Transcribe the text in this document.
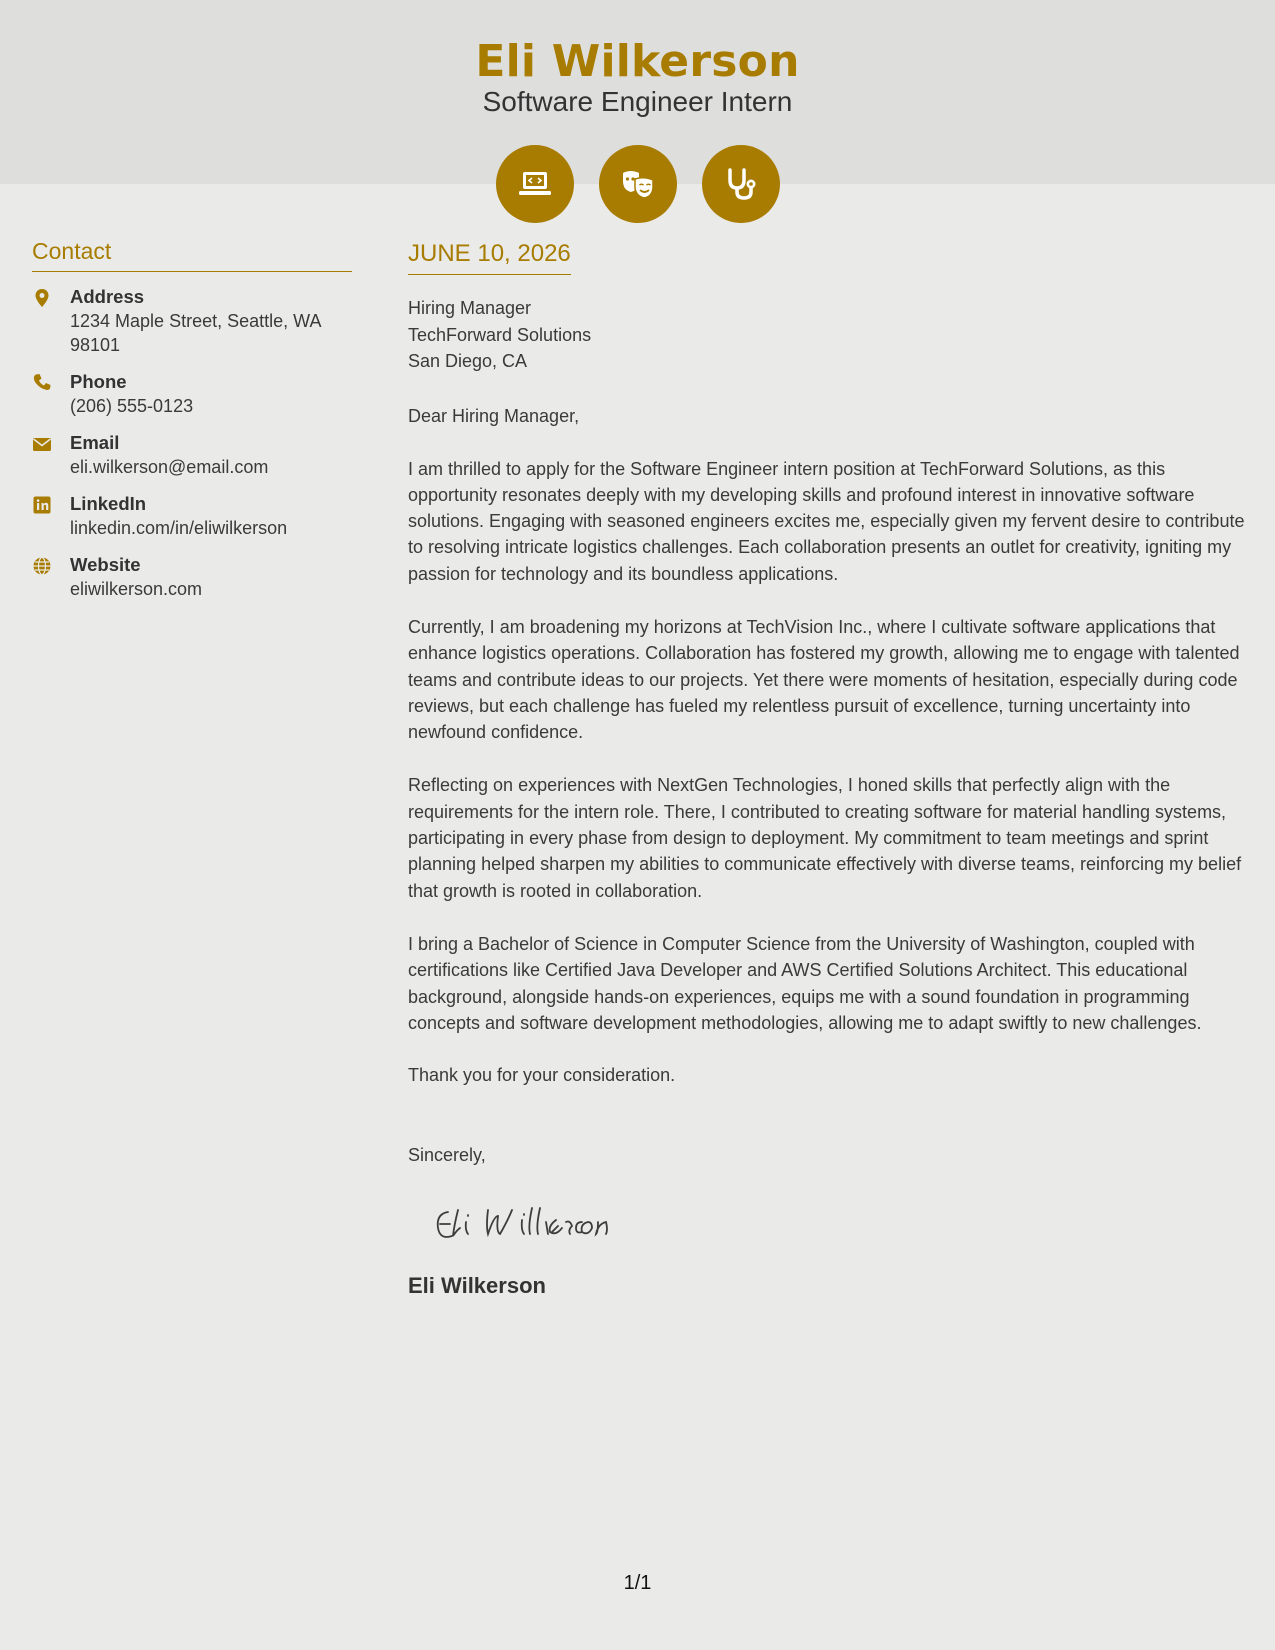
Eli Wilkerson
Software Engineer Intern
Contact
Address
1234 Maple Street, Seattle, WA 98101
Phone
(206) 555-0123
Email
eli.wilkerson@email.com
LinkedIn
linkedin.com/in/eliwilkerson
Website
eliwilkerson.com
JUNE 10, 2026
Hiring Manager
TechForward Solutions
San Diego, CA
Dear Hiring Manager,

I am thrilled to apply for the Software Engineer intern position at TechForward Solutions, as this opportunity resonates deeply with my developing skills and profound interest in innovative software solutions. Engaging with seasoned engineers excites me, especially given my fervent desire to contribute to resolving intricate logistics challenges. Each collaboration presents an outlet for creativity, igniting my passion for technology and its boundless applications.

Currently, I am broadening my horizons at TechVision Inc., where I cultivate software applications that enhance logistics operations. Collaboration has fostered my growth, allowing me to engage with talented teams and contribute ideas to our projects. Yet there were moments of hesitation, especially during code reviews, but each challenge has fueled my relentless pursuit of excellence, turning uncertainty into newfound confidence.

Reflecting on experiences with NextGen Technologies, I honed skills that perfectly align with the requirements for the intern role. There, I contributed to creating software for material handling systems, participating in every phase from design to deployment. My commitment to team meetings and sprint planning helped sharpen my abilities to communicate effectively with diverse teams, reinforcing my belief that growth is rooted in collaboration.

I bring a Bachelor of Science in Computer Science from the University of Washington, coupled with certifications like Certified Java Developer and AWS Certified Solutions Architect. This educational background, alongside hands-on experiences, equips me with a sound foundation in programming concepts and software development methodologies, allowing me to adapt swiftly to new challenges.

Thank you for your consideration.
Sincerely,
Eli Wilkerson
1/1
